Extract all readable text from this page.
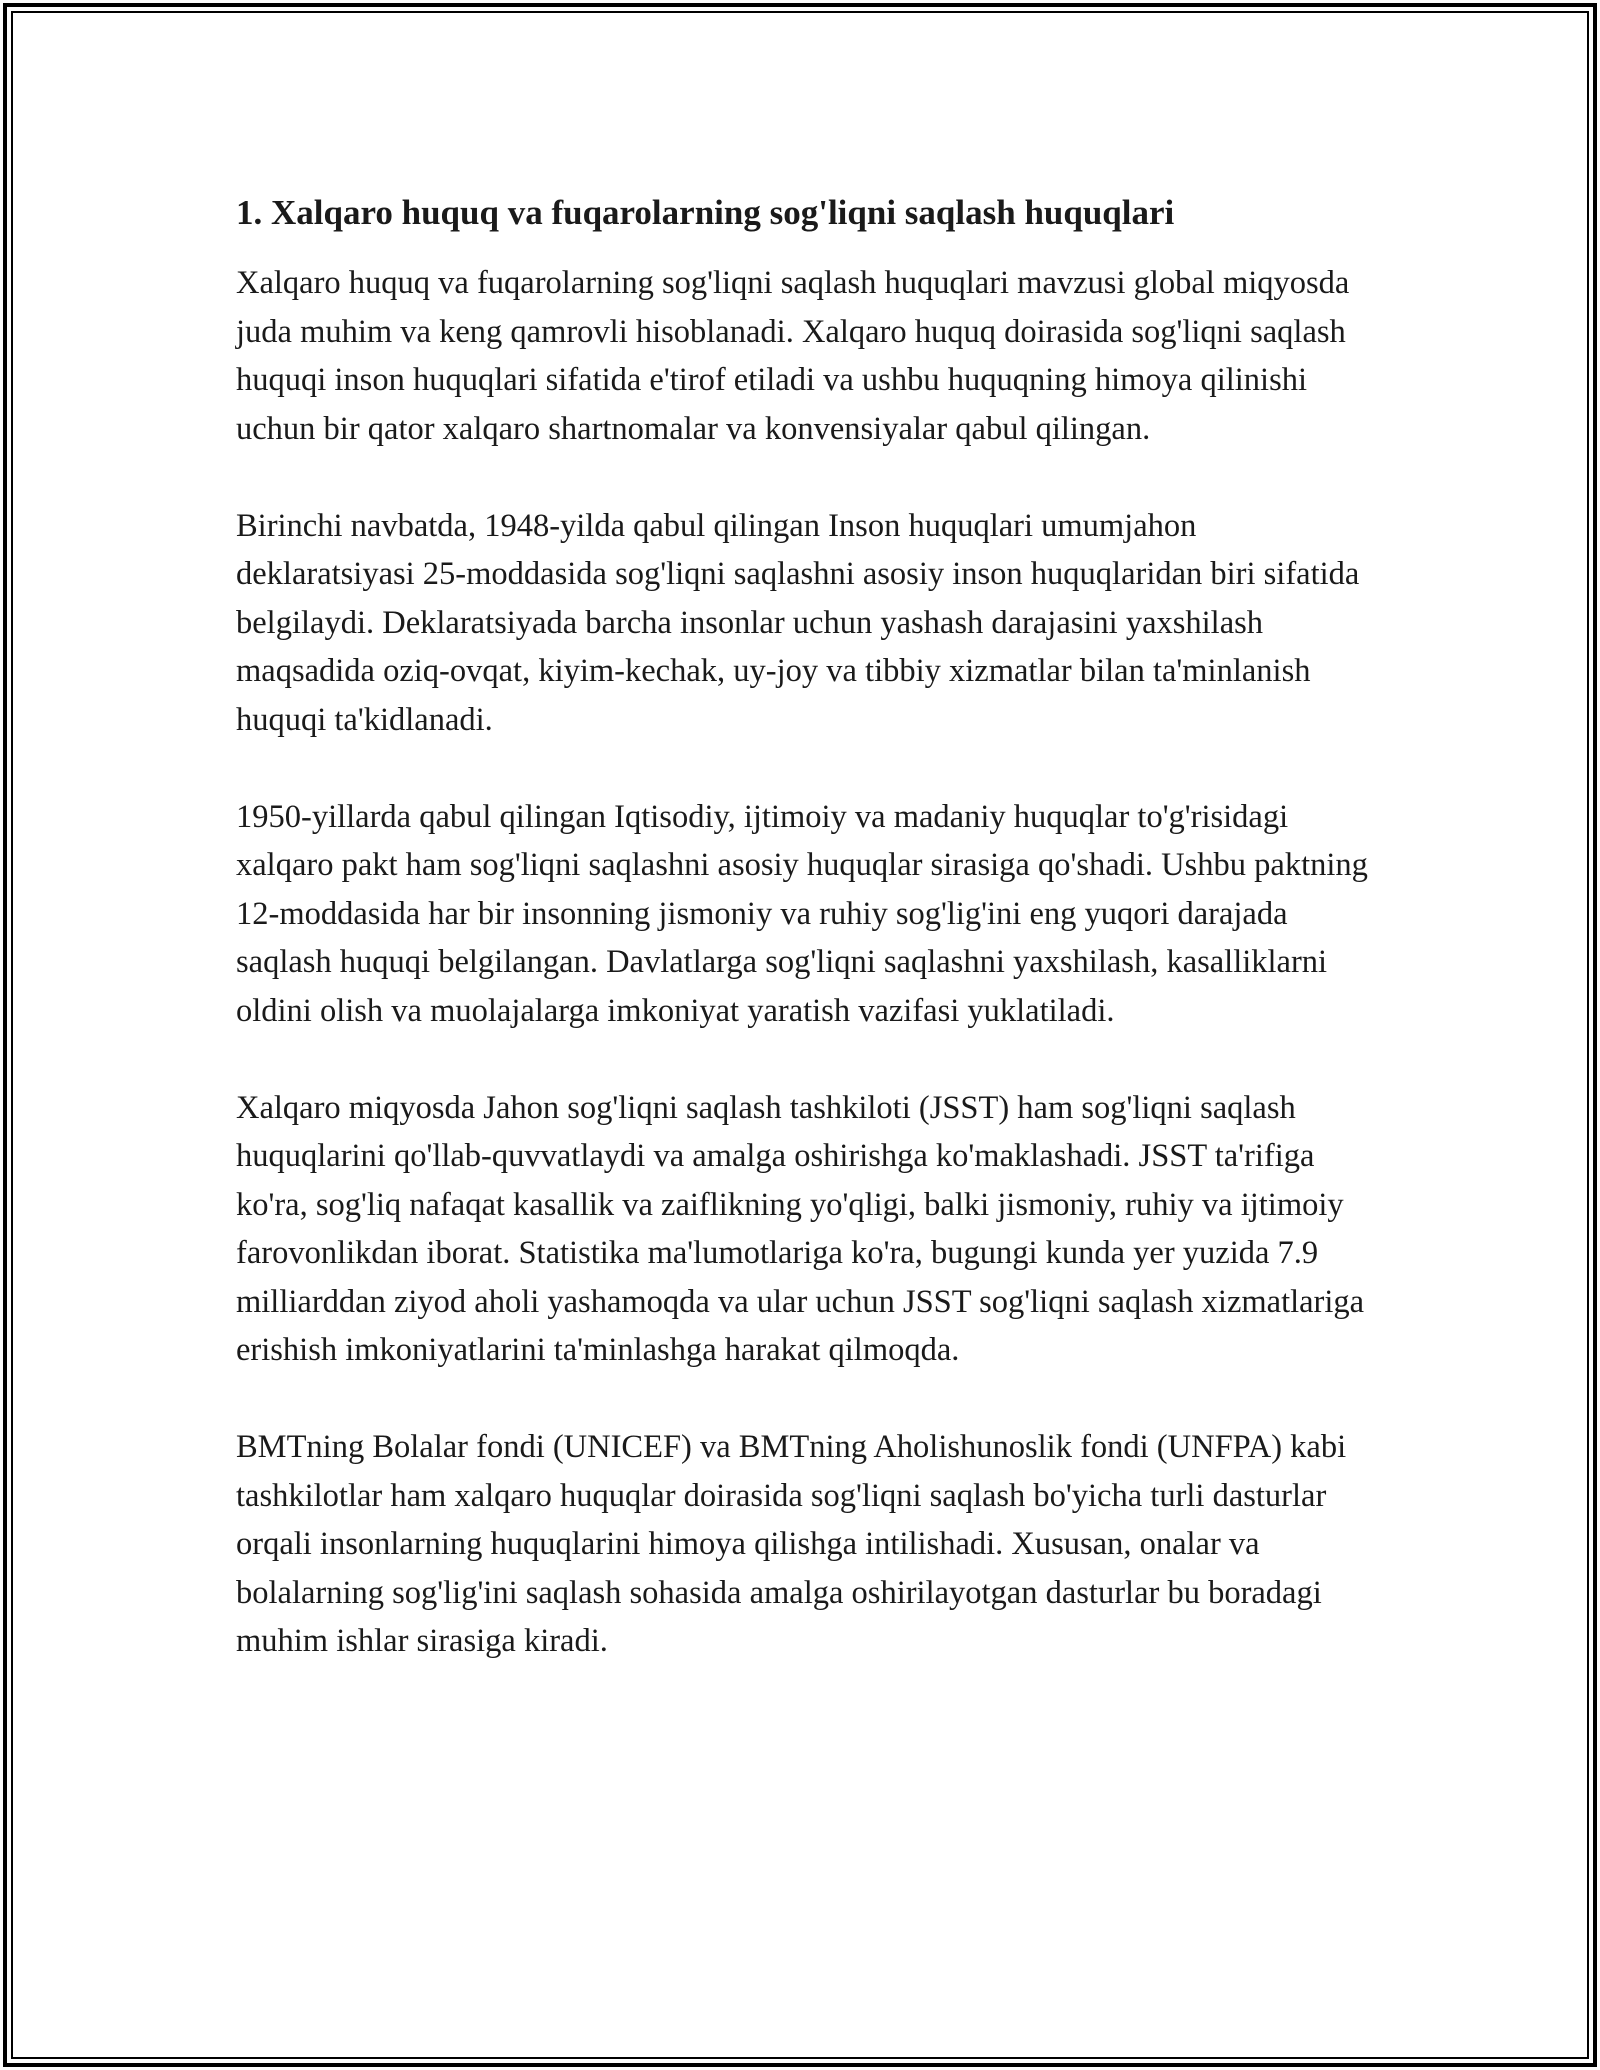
1. Xalqaro huquq va fuqarolarning sog'liqni saqlash huquqlari

Xalqaro huquq va fuqarolarning sog'liqni saqlash huquqlari mavzusi global miqyosda juda muhim va keng qamrovli hisoblanadi. Xalqaro huquq doirasida sog'liqni saqlash huquqi inson huquqlari sifatida e'tirof etiladi va ushbu huquqning himoya qilinishi uchun bir qator xalqaro shartnomalar va konvensiyalar qabul qilingan.

Birinchi navbatda, 1948-yilda qabul qilingan Inson huquqlari umumjahon deklaratsiyasi 25-moddasida sog'liqni saqlashni asosiy inson huquqlaridan biri sifatida belgilaydi. Deklaratsiyada barcha insonlar uchun yashash darajasini yaxshilash maqsadida oziq-ovqat, kiyim-kechak, uy-joy va tibbiy xizmatlar bilan ta'minlanish huquqi ta'kidlanadi.

1950-yillarda qabul qilingan Iqtisodiy, ijtimoiy va madaniy huquqlar to'g'risidagi xalqaro pakt ham sog'liqni saqlashni asosiy huquqlar sirasiga qo'shadi. Ushbu paktning 12-moddasida har bir insonning jismoniy va ruhiy sog'lig'ini eng yuqori darajada saqlash huquqi belgilangan. Davlatlarga sog'liqni saqlashni yaxshilash, kasalliklarni oldini olish va muolajalarga imkoniyat yaratish vazifasi yuklatiladi.

Xalqaro miqyosda Jahon sog'liqni saqlash tashkiloti (JSST) ham sog'liqni saqlash huquqlarini qo'llab-quvvatlaydi va amalga oshirishga ko'maklashadi. JSST ta'rifiga ko'ra, sog'liq nafaqat kasallik va zaiflikning yo'qligi, balki jismoniy, ruhiy va ijtimoiy farovonlikdan iborat. Statistika ma'lumotlariga ko'ra, bugungi kunda yer yuzida 7.9 milliarddan ziyod aholi yashamoqda va ular uchun JSST sog'liqni saqlash xizmatlariga erishish imkoniyatlarini ta'minlashga harakat qilmoqda.

BMTning Bolalar fondi (UNICEF) va BMTning Aholishunoslik fondi (UNFPA) kabi tashkilotlar ham xalqaro huquqlar doirasida sog'liqni saqlash bo'yicha turli dasturlar orqali insonlarning huquqlarini himoya qilishga intilishadi. Xususan, onalar va bolalarning sog'lig'ini saqlash sohasida amalga oshirilayotgan dasturlar bu boradagi muhim ishlar sirasiga kiradi.
